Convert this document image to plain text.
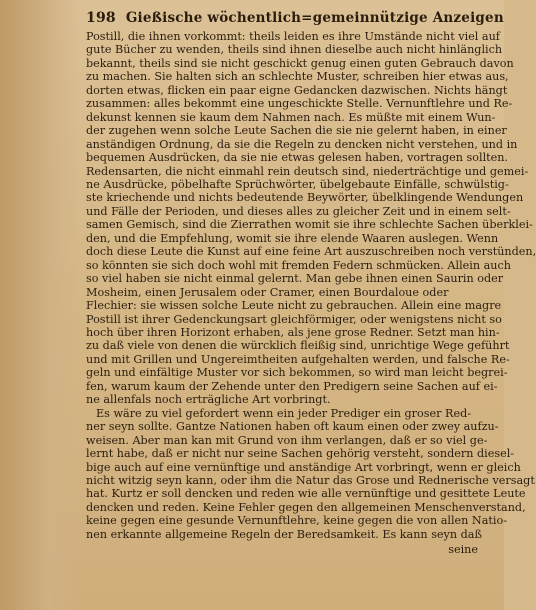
198 Gießische wöchentlich=gemeinnützige Anzeigen
Postill, die ihnen vorkommt: theils leiden es ihre Umstände nicht viel auf
gute Bücher zu wenden, theils sind ihnen dieselbe auch nicht hinlänglich
bekannt, theils sind sie nicht geschickt genug einen guten Gebrauch davon
zu machen. Sie halten sich an schlechte Muster, schreiben hier etwas aus,
dorten etwas, flicken ein paar eigne Gedancken dazwischen. Nichts hängt
zusammen: alles bekommt eine ungeschickte Stelle. Vernunftlehre und Re-
dekunst kennen sie kaum dem Nahmen nach. Es müßte mit einem Wun-
der zugehen wenn solche Leute Sachen die sie nie gelernt haben, in einer
anständigen Ordnung, da sie die Regeln zu dencken nicht verstehen, und in
bequemen Ausdrücken, da sie nie etwas gelesen haben, vortragen sollten.
Redensarten, die nicht einmahl rein deutsch sind, niederträchtige und gemei-
ne Ausdrücke, pöbelhafte Sprüchwörter, übelgebaute Einfälle, schwülstig-
ste kriechende und nichts bedeutende Beywörter, übelklingende Wendungen
und Fälle der Perioden, und dieses alles zu gleicher Zeit und in einem selt-
samen Gemisch, sind die Zierrathen womit sie ihre schlechte Sachen überklei-
den, und die Empfehlung, womit sie ihre elende Waaren auslegen. Wenn
doch diese Leute die Kunst auf eine feine Art auszuschreiben noch verstünden,
so könnten sie sich doch wohl mit fremden Federn schmücken. Allein auch
so viel haben sie nicht einmal gelernt. Man gebe ihnen einen Saurin oder
Mosheim, einen Jerusalem oder Cramer, einen Bourdaloue oder
Flechier: sie wissen solche Leute nicht zu gebrauchen. Allein eine magre
Postill ist ihrer Gedenckungsart gleichförmiger, oder wenigstens nicht so
hoch über ihren Horizont erhaben, als jene grose Redner. Setzt man hin-
zu daß viele von denen die würcklich fleißig sind, unrichtige Wege geführt
und mit Grillen und Ungereimtheiten aufgehalten werden, und falsche Re-
geln und einfältige Muster vor sich bekommen, so wird man leicht begrei-
fen, warum kaum der Zehende unter den Predigern seine Sachen auf ei-
ne allenfals noch erträgliche Art vorbringt.
Es wäre zu viel gefordert wenn ein jeder Prediger ein groser Red-
ner seyn sollte. Gantze Nationen haben oft kaum einen oder zwey aufzu-
weisen. Aber man kan mit Grund von ihm verlangen, daß er so viel ge-
lernt habe, daß er nicht nur seine Sachen gehörig versteht, sondern diesel-
bige auch auf eine vernünftige und anständige Art vorbringt, wenn er gleich
nicht witzig seyn kann, oder ihm die Natur das Grose und Rednerische versagt
hat. Kurtz er soll dencken und reden wie alle vernünftige und gesittete Leute
dencken und reden. Keine Fehler gegen den allgemeinen Menschenverstand,
keine gegen eine gesunde Vernunftlehre, keine gegen die von allen Natio-
nen erkannte allgemeine Regeln der Beredsamkeit. Es kann seyn daß
seine
